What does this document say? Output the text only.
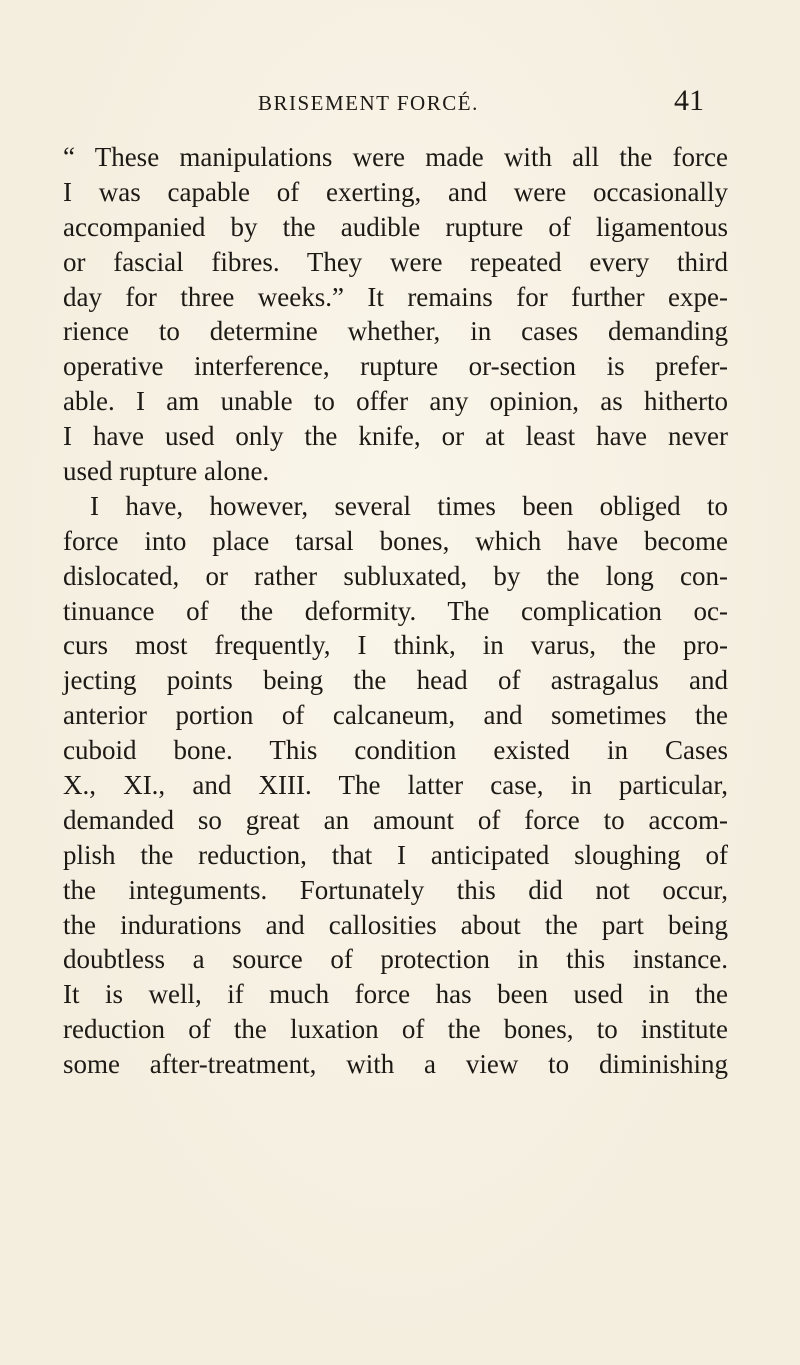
BRISEMENT FORCÉ.	41
“ These manipulations were made with all the force
I was capable of exerting, and were occasionally
accompanied by the audible rupture of ligamentous
or fascial fibres. They were repeated every third
day for three weeks.” It remains for further expe-
rience to determine whether, in cases demanding
operative interference, rupture or-section is prefer-
able. I am unable to offer any opinion, as hitherto
I have used only the knife, or at least have never
used rupture alone.
I have, however, several times been obliged to
force into place tarsal bones, which have become
dislocated, or rather subluxated, by the long con-
tinuance of the deformity. The complication oc-
curs most frequently, I think, in varus, the pro-
jecting points being the head of astragalus and
anterior portion of calcaneum, and sometimes the
cuboid bone. This condition existed in Cases
X., XI., and XIII. The latter case, in particular,
demanded so great an amount of force to accom-
plish the reduction, that I anticipated sloughing of
the integuments. Fortunately this did not occur,
the indurations and callosities about the part being
doubtless a source of protection in this instance.
It is well, if much force has been used in the
reduction of the luxation of the bones, to institute
some after-treatment, with a view to diminishing
